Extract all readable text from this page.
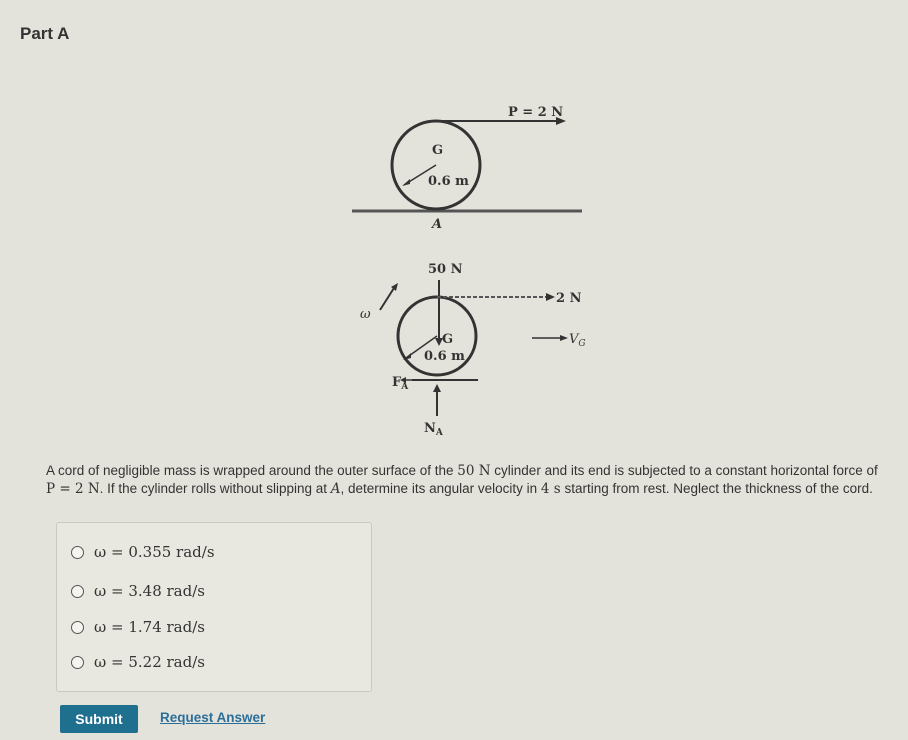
Part A
P = 2 N
G
0.6 m
A
50 N
2 N
ω
G
0.6 m
$V_G$
$F_A$
$N_A$
A cord of negligible mass is wrapped around the outer surface of the 50 N cylinder and its end is subjected to a constant horizontal force of P = 2 N. If the cylinder rolls without slipping at A, determine its angular velocity in 4 s starting from rest. Neglect the thickness of the cord.
ω = 0.355 rad/s
ω = 3.48 rad/s
ω = 1.74 rad/s
ω = 5.22 rad/s
Submit	Request Answer
